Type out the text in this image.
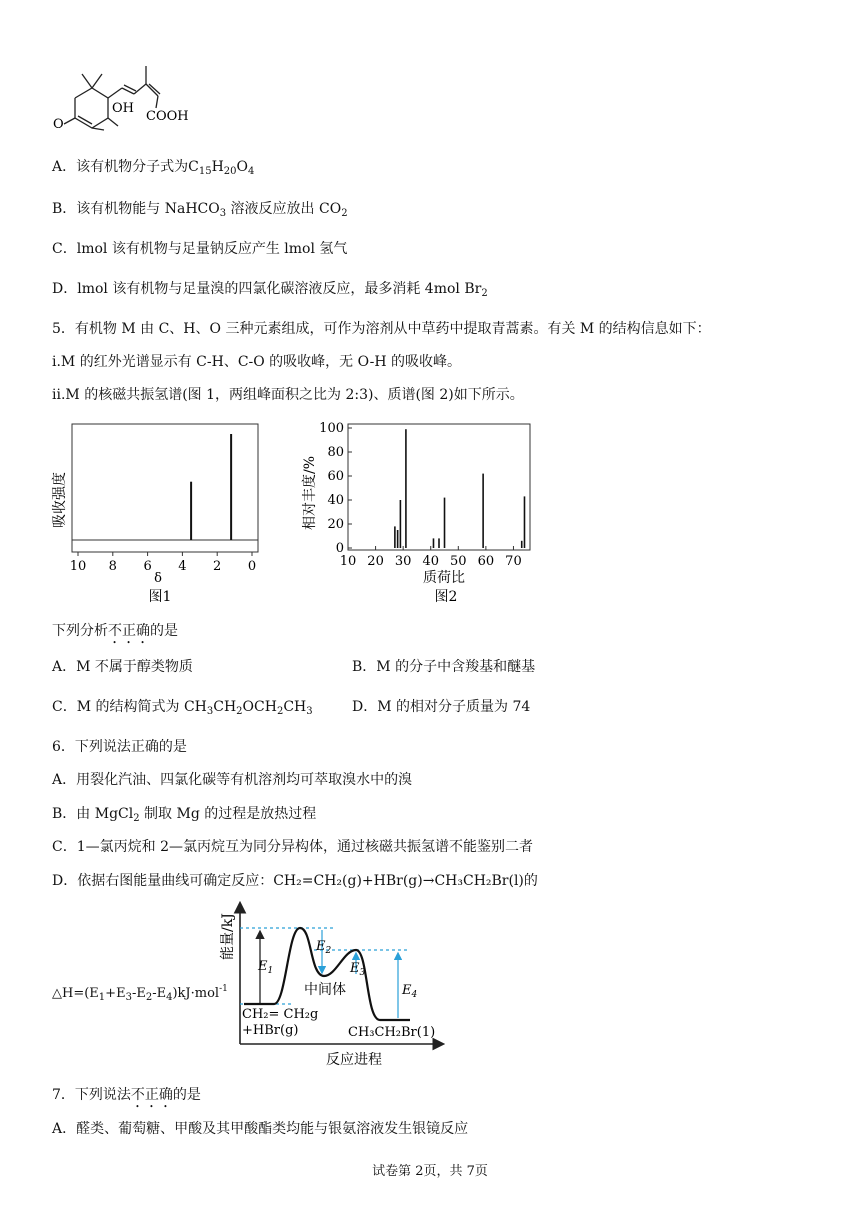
OH
COOH
O
A．该有机物分子式为$C_{15}H_{20}O_4$
B．该有机物能与 NaHCO$_3$ 溶液反应放出 $CO_2$
C．lmol 该有机物与足量钠反应产生 lmol 氢气
D．lmol 该有机物与足量溴的四氯化碳溶液反应，最多消耗 4mol $Br_2$
5．有机物 M 由 C、H、O 三种元素组成，可作为溶剂从中草药中提取青蒿素。有关 M 的结构信息如下：
i.M 的红外光谱显示有 C-H、C-O 的吸收峰，无 O-H 的吸收峰。
ii.M 的核磁共振氢谱(图 1，两组峰面积之比为 2:3)、质谱(图 2)如下所示。
10 8 6 4 2 0
吸收强度
δ
图1
10 20 30 40 50 60 70
0
20
40
60
80
100
相对丰度/%
质荷比
图2
下列分析不正确的是
A．M 不属于醇类物质	B．M 的分子中含羧基和醚基
C．M 的结构简式为 $CH_3CH_2OCH_2CH_3$	D．M 的相对分子质量为 74
6．下列说法正确的是
A．用裂化汽油、四氯化碳等有机溶剂均可萃取溴水中的溴
B．由 MgCl$_2$ 制取 Mg 的过程是放热过程
C．1—氯丙烷和 2—氯丙烷互为同分异构体，通过核磁共振氢谱不能鉴别二者
D．依据右图能量曲线可确定反应：CH₂=CH₂(g)+HBr(g)→CH₃CH₂Br(l)的
$\triangle H=(E_1+E_3-E_2-E_4)kJ\cdot mol^{-1}$
能量/kJ
$E_1$
$E_2$
$E_3$
$E_4$
中间体
CH₂= CH₂g
+HBr(g)	CH₃CH₂Br(1)
反应进程
7．下列说法不正确的是
A．醛类、葡萄糖、甲酸及其甲酸酯类均能与银氨溶液发生银镜反应
试卷第 2页，共 7页
